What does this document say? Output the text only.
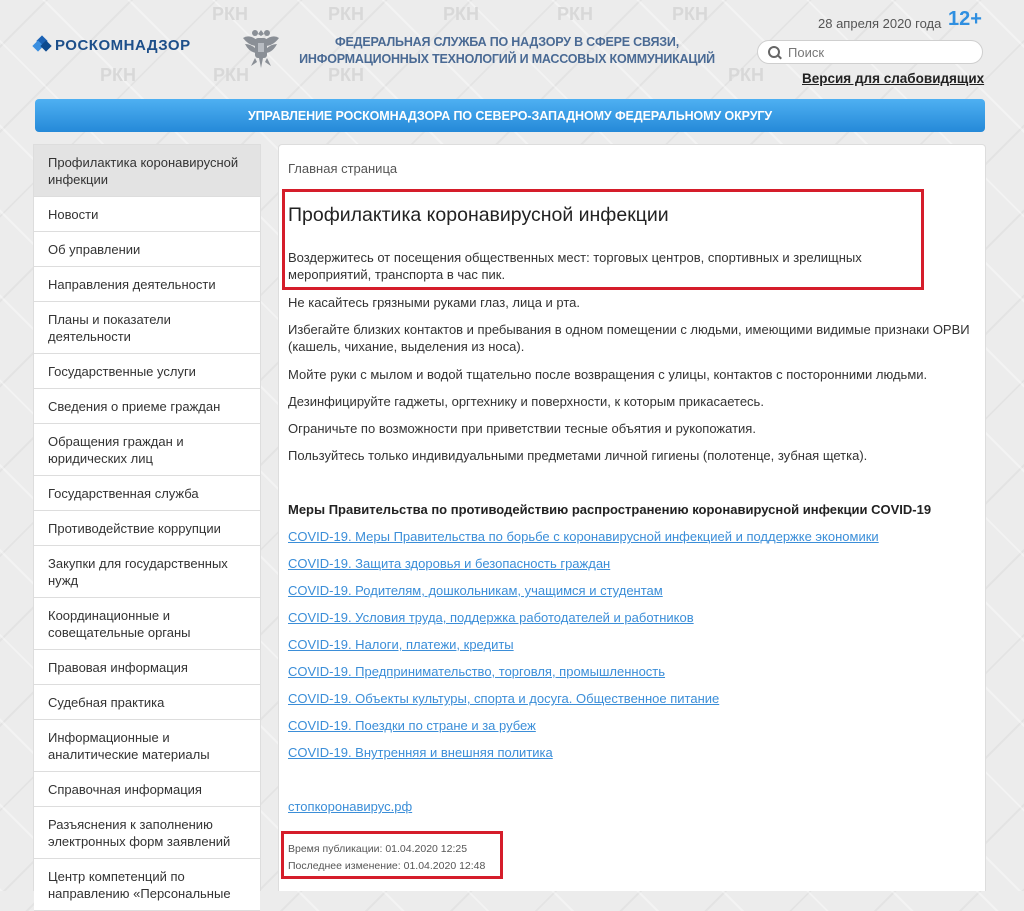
РКН	РКН	РКН	РКН	РКН
РКН	РКН	РКН
РКН
РОСКОМНАДЗОР	ФЕДЕРАЛЬНАЯ СЛУЖБА ПО НАДЗОРУ В СФЕРЕ СВЯЗИ, ИНФОРМАЦИОННЫХ ТЕХНОЛОГИЙ И МАССОВЫХ КОММУНИКАЦИЙ
28 апреля 2020 года 12+
Поиск
Версия для слабовидящих
УПРАВЛЕНИЕ РОСКОМНАДЗОРА ПО СЕВЕРО-ЗАПАДНОМУ ФЕДЕРАЛЬНОМУ ОКРУГУ
Профилактика коронавирусной инфекции
Новости
Об управлении
Направления деятельности
Планы и показатели деятельности
Государственные услуги
Сведения о приеме граждан
Обращения граждан и юридических лиц
Государственная служба
Противодействие коррупции
Закупки для государственных нужд
Координационные и совещательные органы
Правовая информация
Судебная практика
Информационные и аналитические материалы
Справочная информация
Разъяснения к заполнению электронных форм заявлений
Центр компетенций по направлению «Персональные
Главная страница
Профилактика коронавирусной инфекции

Воздержитесь от посещения общественных мест: торговых центров, спортивных и зрелищных мероприятий, транспорта в час пик.

Не касайтесь грязными руками глаз, лица и рта.

Избегайте близких контактов и пребывания в одном помещении с людьми, имеющими видимые признаки ОРВИ (кашель, чихание, выделения из носа).

Мойте руки с мылом и водой тщательно после возвращения с улицы, контактов с посторонними людьми.

Дезинфицируйте гаджеты, оргтехнику и поверхности, к которым прикасаетесь.

Ограничьте по возможности при приветствии тесные объятия и рукопожатия.

Пользуйтесь только индивидуальными предметами личной гигиены (полотенце, зубная щетка).

Меры Правительства по противодействию распространению коронавирусной инфекции COVID-19
COVID-19. Меры Правительства по борьбе с коронавирусной инфекцией и поддержке экономики
COVID-19. Защита здоровья и безопасность граждан
COVID-19. Родителям, дошкольникам, учащимся и студентам
COVID-19. Условия труда, поддержка работодателей и работников
COVID-19. Налоги, платежи, кредиты
COVID-19. Предпринимательство, торговля, промышленность
COVID-19. Объекты культуры, спорта и досуга. Общественное питание
COVID-19. Поездки по стране и за рубеж
COVID-19. Внутренняя и внешняя политика
стопкоронавирус.рф
Время публикации: 01.04.2020 12:25
Последнее изменение: 01.04.2020 12:48
